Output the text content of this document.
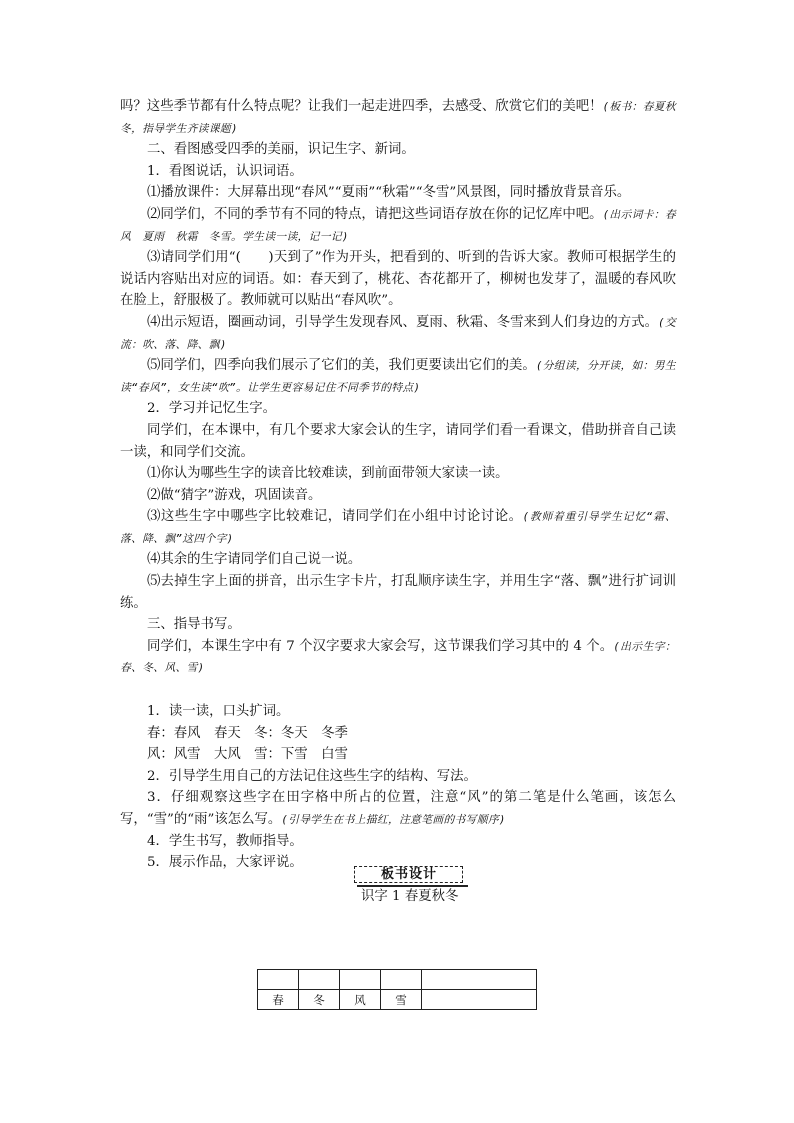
吗？这些季节都有什么特点呢？让我们一起走进四季，去感受、欣赏它们的美吧！(板书：春夏秋冬，指导学生齐读课题)

二、看图感受四季的美丽，识记生字、新词。

1．看图说话，认识词语。

⑴播放课件：大屏幕出现“春风”“夏雨”“秋霜”“冬雪”风景图，同时播放背景音乐。

⑵同学们，不同的季节有不同的特点，请把这些词语存放在你的记忆库中吧。(出示词卡：春风　夏雨　秋霜　冬雪。学生读一读，记一记)

⑶请同学们用“(　　)天到了”作为开头，把看到的、听到的告诉大家。教师可根据学生的说话内容贴出对应的词语。如：春天到了，桃花、杏花都开了，柳树也发芽了，温暖的春风吹在脸上，舒服极了。教师就可以贴出“春风吹”。

⑷出示短语，圈画动词，引导学生发现春风、夏雨、秋霜、冬雪来到人们身边的方式。(交流：吹、落、降、飘)

⑸同学们，四季向我们展示了它们的美，我们更要读出它们的美。(分组读，分开读，如：男生读“春风”，女生读“吹”。让学生更容易记住不同季节的特点)

2．学习并记忆生字。

同学们，在本课中，有几个要求大家会认的生字，请同学们看一看课文，借助拼音自己读一读，和同学们交流。

⑴你认为哪些生字的读音比较难读，到前面带领大家读一读。

⑵做“猜字”游戏，巩固读音。

⑶这些生字中哪些字比较难记，请同学们在小组中讨论讨论。(教师着重引导学生记忆“霜、落、降、飘”这四个字)

⑷其余的生字请同学们自己说一说。

⑸去掉生字上面的拼音，出示生字卡片，打乱顺序读生字，并用生字“落、飘”进行扩词训练。

三、指导书写。

同学们，本课生字中有 7 个汉字要求大家会写，这节课我们学习其中的 4 个。(出示生字：春、冬、风、雪)

1．读一读，口头扩词。

春：春风　春天　冬：冬天　冬季

风：风雪　大风　雪：下雪　白雪

2．引导学生用自己的方法记住这些生字的结构、写法。

3．仔细观察这些字在田字格中所占的位置，注意“风”的第二笔是什么笔画，该怎么写，“雪”的“雨”该怎么写。(引导学生在书上描红，注意笔画的书写顺序)

4．学生书写，教师指导。

5．展示作品，大家评说。

板书设计
识字 1 春夏秋冬

春	冬	风	雪	
